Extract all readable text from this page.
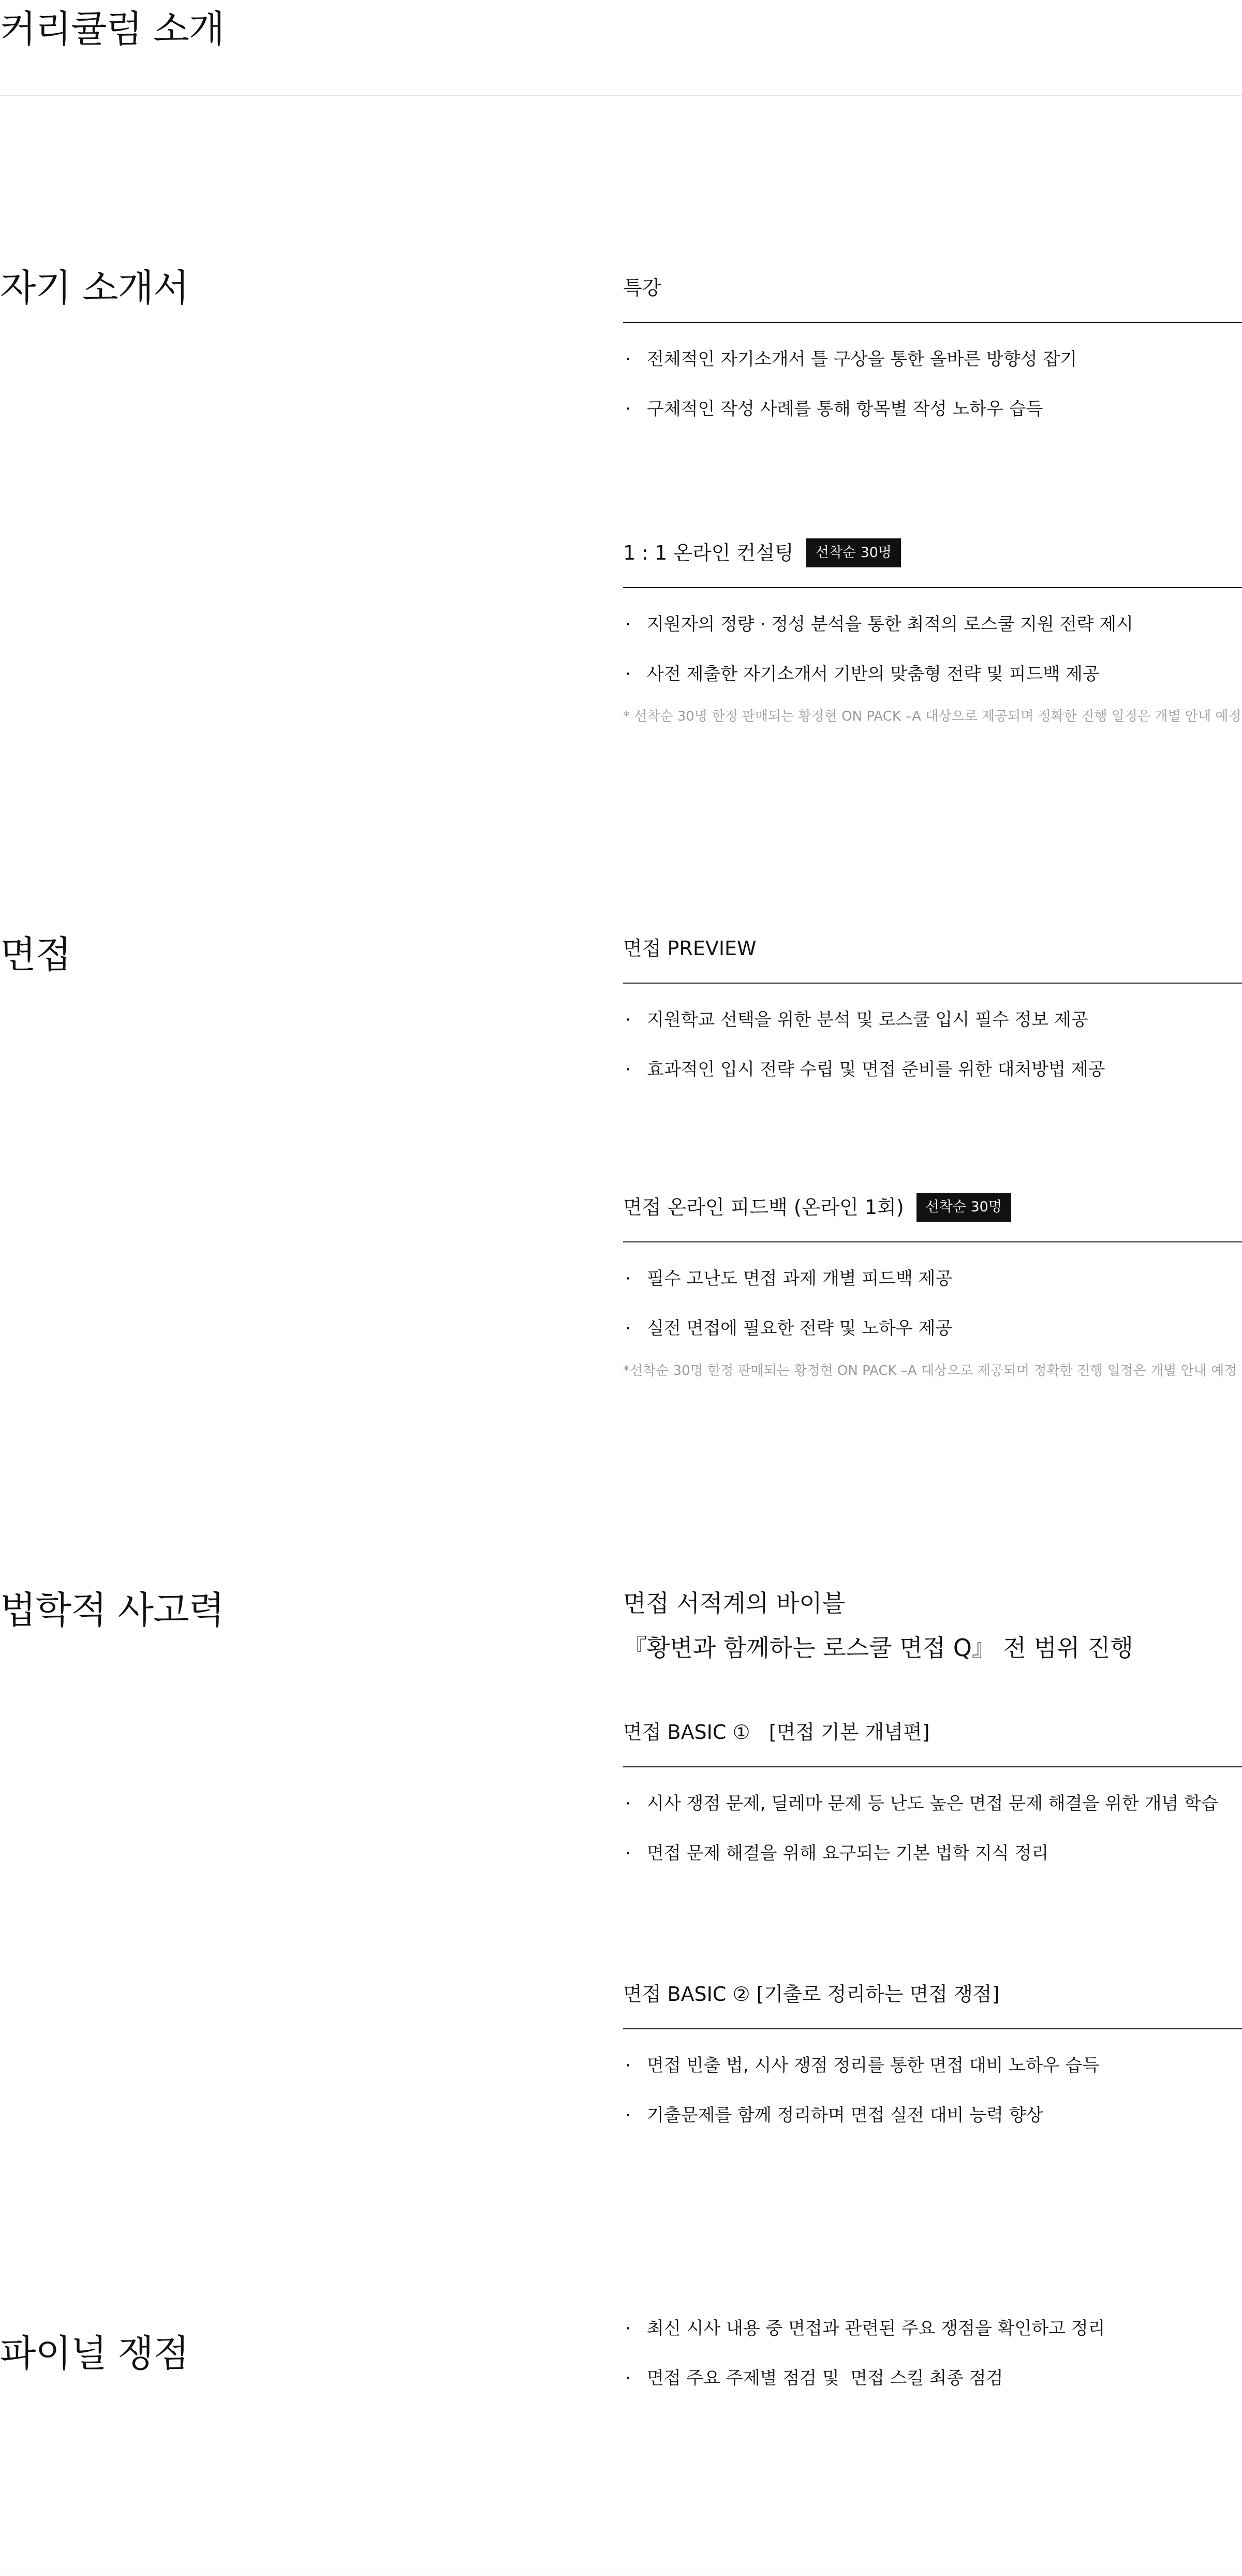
커리큘럼 소개
자기 소개서	특강
· 전체적인 자기소개서 틀 구상을 통한 올바른 방향성 잡기
· 구체적인 작성 사례를 통해 항목별 작성 노하우 습득
1 : 1 온라인 컨설팅	선착순 30명
· 지원자의 정량 · 정성 분석을 통한 최적의 로스쿨 지원 전략 제시
· 사전 제출한 자기소개서 기반의 맞춤형 전략 및 피드백 제공
* 선착순 30명 한정 판매되는 황정현 ON PACK –A 대상으로 제공되며 정확한 진행 일정은 개별 안내 예정
면접	면접 PREVIEW
· 지원학교 선택을 위한 분석 및 로스쿨 입시 필수 정보 제공
· 효과적인 입시 전략 수립 및 면접 준비를 위한 대처방법 제공
면접 온라인 피드백 (온라인 1회)	선착순 30명
· 필수 고난도 면접 과제 개별 피드백 제공
· 실전 면접에 필요한 전략 및 노하우 제공
*선착순 30명 한정 판매되는 황정현 ON PACK –A 대상으로 제공되며 정확한 진행 일정은 개별 안내 예정
법학적 사고력	면접 서적계의 바이블
『황변과 함께하는 로스쿨 면접 Q』 전 범위 진행
면접 BASIC ①   [면접 기본 개념편]
· 시사 쟁점 문제, 딜레마 문제 등 난도 높은 면접 문제 해결을 위한 개념 학습
· 면접 문제 해결을 위해 요구되는 기본 법학 지식 정리
면접 BASIC ② [기출로 정리하는 면접 쟁점]
· 면접 빈출 법, 시사 쟁점 정리를 통한 면접 대비 노하우 습득
· 기출문제를 함께 정리하며 면접 실전 대비 능력 향상
파이널 쟁점
· 최신 시사 내용 중 면접과 관련된 주요 쟁점을 확인하고 정리
· 면접 주요 주제별 점검 및  면접 스킬 최종 점검
